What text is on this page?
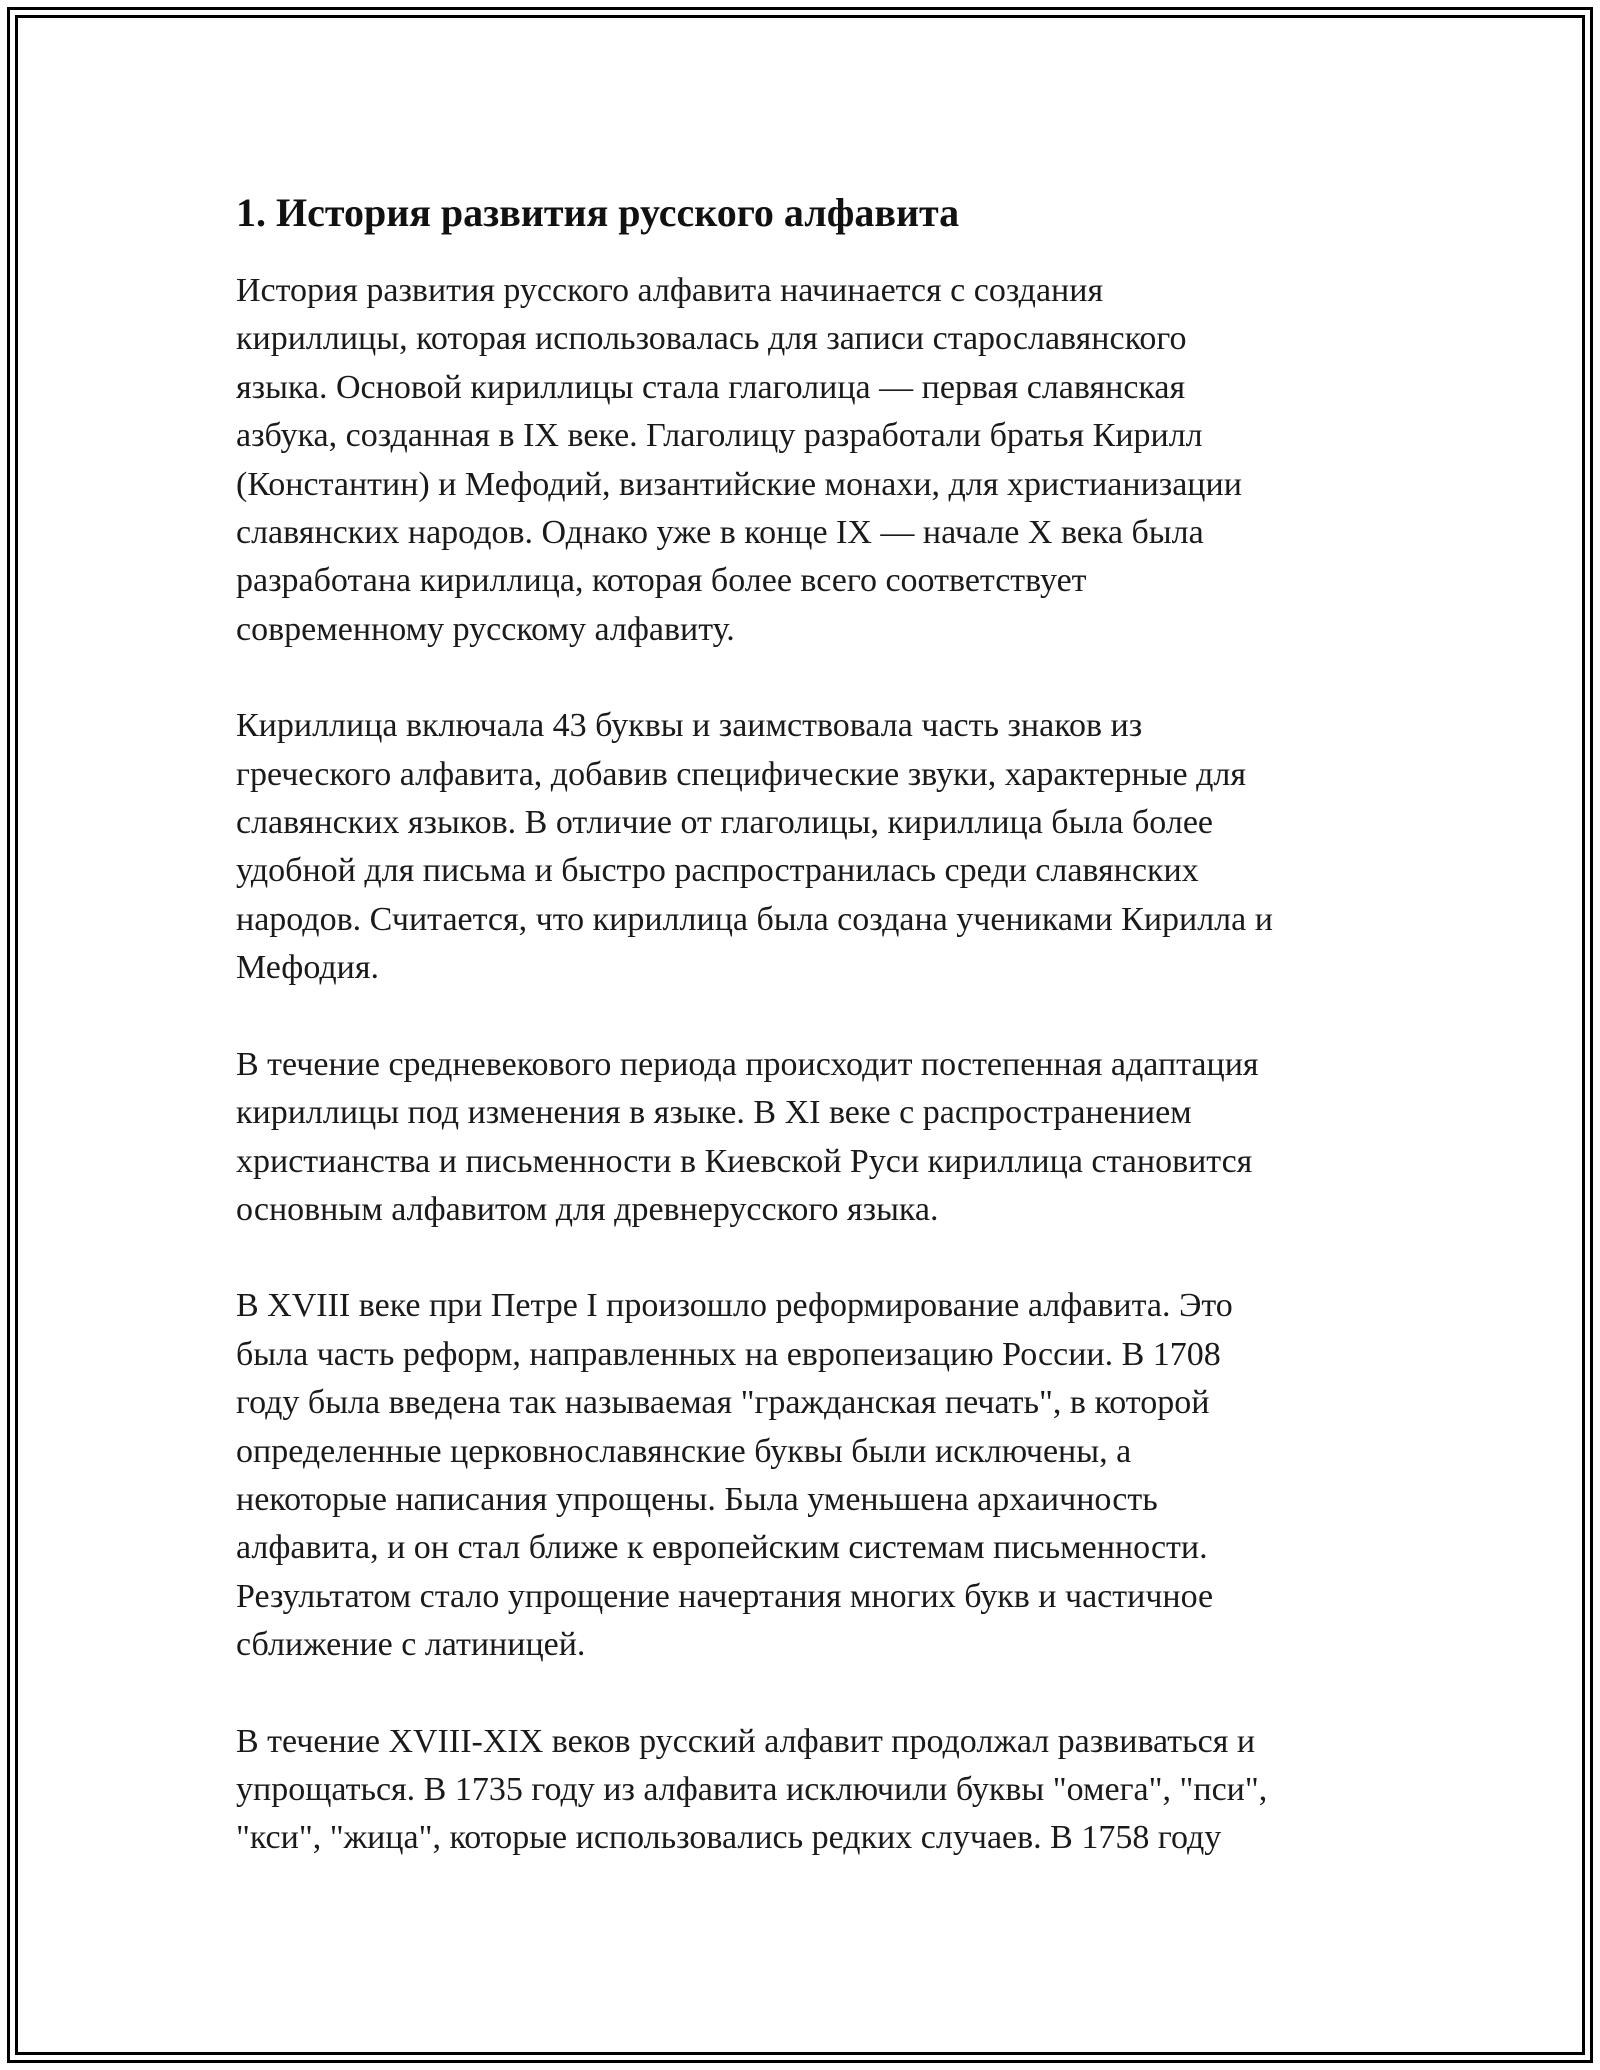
1. История развития русского алфавита

История развития русского алфавита начинается с создания
кириллицы, которая использовалась для записи старославянского
языка. Основой кириллицы стала глаголица — первая славянская
азбука, созданная в IX веке. Глаголицу разработали братья Кирилл
(Константин) и Мефодий, византийские монахи, для христианизации
славянских народов. Однако уже в конце IX — начале X века была
разработана кириллица, которая более всего соответствует
современному русскому алфавиту.

Кириллица включала 43 буквы и заимствовала часть знаков из
греческого алфавита, добавив специфические звуки, характерные для
славянских языков. В отличие от глаголицы, кириллица была более
удобной для письма и быстро распространилась среди славянских
народов. Считается, что кириллица была создана учениками Кирилла и
Мефодия.

В течение средневекового периода происходит постепенная адаптация
кириллицы под изменения в языке. В XI веке с распространением
христианства и письменности в Киевской Руси кириллица становится
основным алфавитом для древнерусского языка.

В XVIII веке при Петре I произошло реформирование алфавита. Это
была часть реформ, направленных на европеизацию России. В 1708
году была введена так называемая "гражданская печать", в которой
определенные церковнославянские буквы были исключены, а
некоторые написания упрощены. Была уменьшена архаичность
алфавита, и он стал ближе к европейским системам письменности.
Результатом стало упрощение начертания многих букв и частичное
сближение с латиницей.

В течение XVIII-XIX веков русский алфавит продолжал развиваться и
упрощаться. В 1735 году из алфавита исключили буквы "омега", "пси",
"кси", "жица", которые использовались редких случаев. В 1758 году
